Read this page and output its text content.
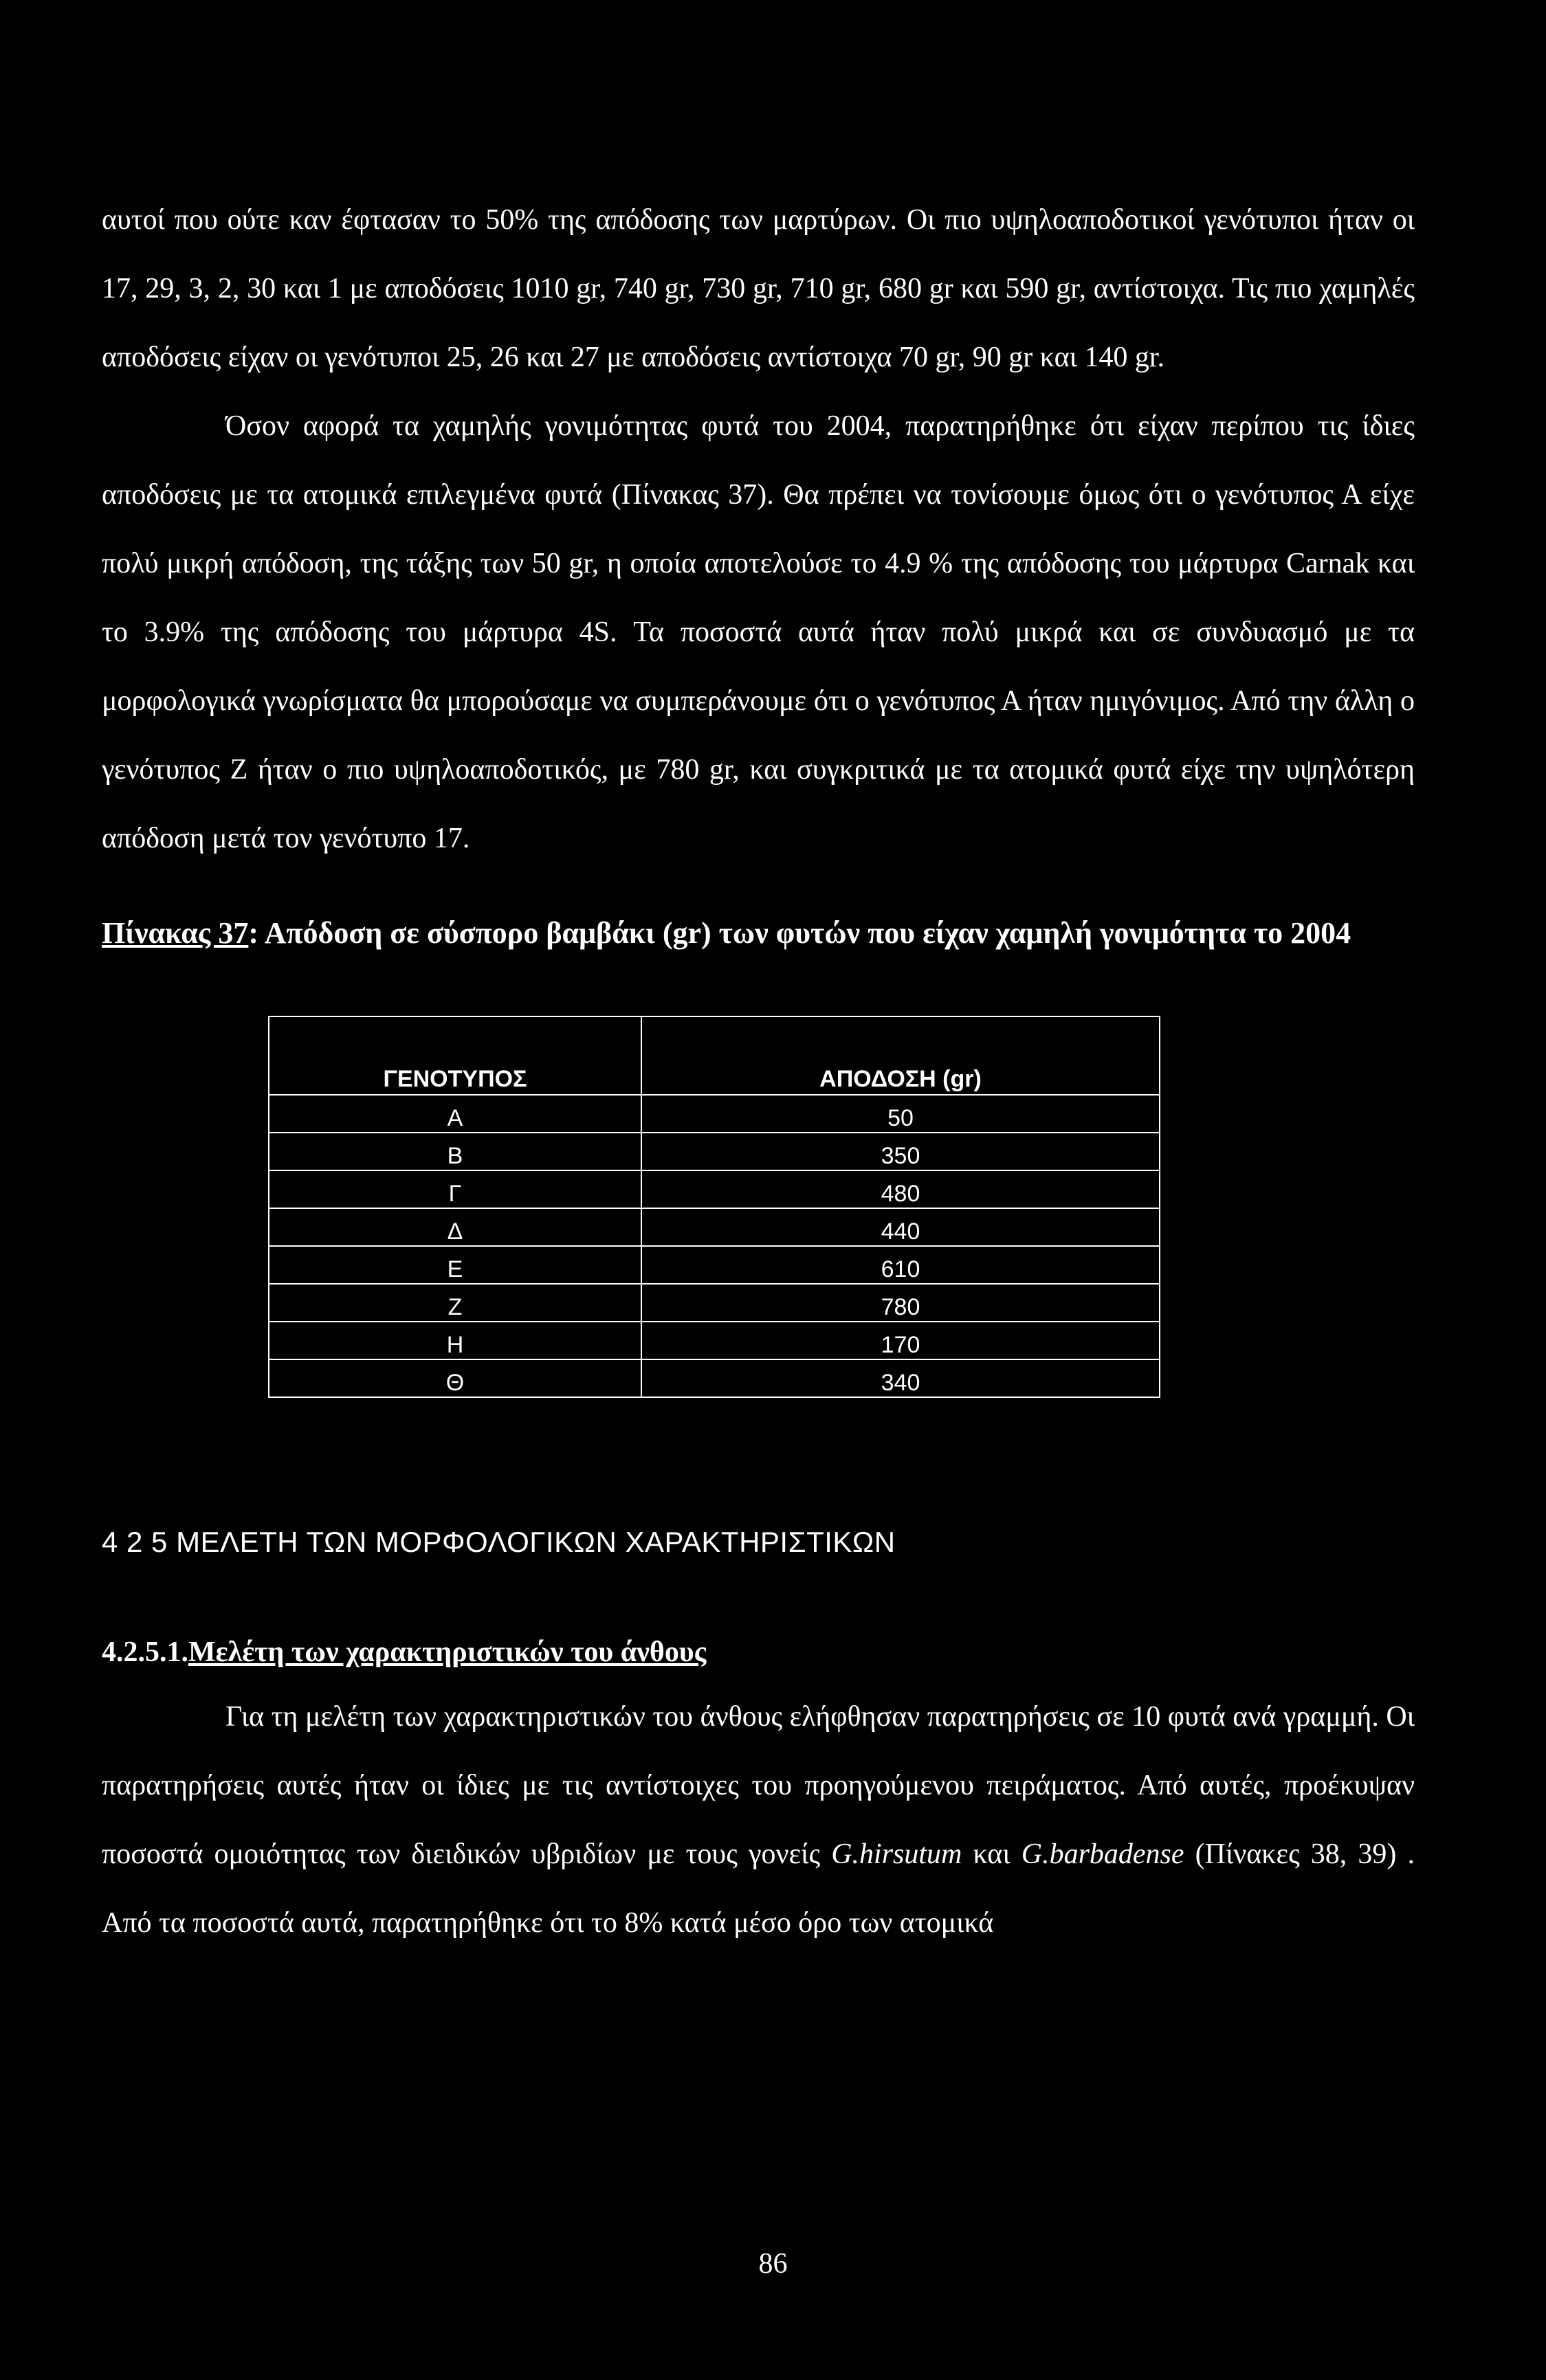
αυτοί που ούτε καν έφτασαν το 50% της απόδοσης των μαρτύρων. Οι πιο υψηλοαποδοτικοί γενότυποι ήταν οι 17, 29, 3, 2, 30 και 1 με αποδόσεις 1010 gr, 740 gr, 730 gr, 710 gr, 680 gr και 590 gr, αντίστοιχα. Τις πιο χαμηλές αποδόσεις είχαν οι γενότυποι 25, 26 και 27 με αποδόσεις αντίστοιχα 70 gr, 90 gr και 140 gr.

Όσον αφορά τα χαμηλής γονιμότητας φυτά του 2004, παρατηρήθηκε ότι είχαν περίπου τις ίδιες αποδόσεις με τα ατομικά επιλεγμένα φυτά (Πίνακας 37). Θα πρέπει να τονίσουμε όμως ότι ο γενότυπος Α είχε πολύ μικρή απόδοση, της τάξης των 50 gr, η οποία αποτελούσε το 4.9 % της απόδοσης του μάρτυρα Carnak και το 3.9% της απόδοσης του μάρτυρα 4S. Τα ποσοστά αυτά ήταν πολύ μικρά και σε συνδυασμό με τα μορφολογικά γνωρίσματα θα μπορούσαμε να συμπεράνουμε ότι ο γενότυπος Α ήταν ημιγόνιμος. Από την άλλη ο γενότυπος Ζ ήταν ο πιο υψηλοαποδοτικός, με 780 gr, και συγκριτικά με τα ατομικά φυτά είχε την υψηλότερη απόδοση μετά τον γενότυπο 17.

Πίνακας 37: Απόδοση σε σύσπορο βαμβάκι (gr) των φυτών που είχαν χαμηλή γονιμότητα το 2004

ΓΕΝΟΤΥΠΟΣ	ΑΠΟΔΟΣΗ (gr)
Α	50
Β	350
Γ	480
Δ	440
Ε	610
Ζ	780
Η	170
Θ	340
4 2 5 ΜΕΛΕΤΗ ΤΩΝ ΜΟΡΦΟΛΟΓΙΚΩΝ ΧΑΡΑΚΤΗΡΙΣΤΙΚΩΝ
4.2.5.1.Μελέτη των χαρακτηριστικών του άνθους

Για τη μελέτη των χαρακτηριστικών του άνθους ελήφθησαν παρατηρήσεις σε 10 φυτά ανά γραμμή. Οι παρατηρήσεις αυτές ήταν οι ίδιες με τις αντίστοιχες του προηγούμενου πειράματος. Από αυτές, προέκυψαν ποσοστά ομοιότητας των διειδικών υβριδίων με τους γονείς G.hirsutum και G.barbadense (Πίνακες 38, 39) . Από τα ποσοστά αυτά, παρατηρήθηκε ότι το 8% κατά μέσο όρο των ατομικά

86
